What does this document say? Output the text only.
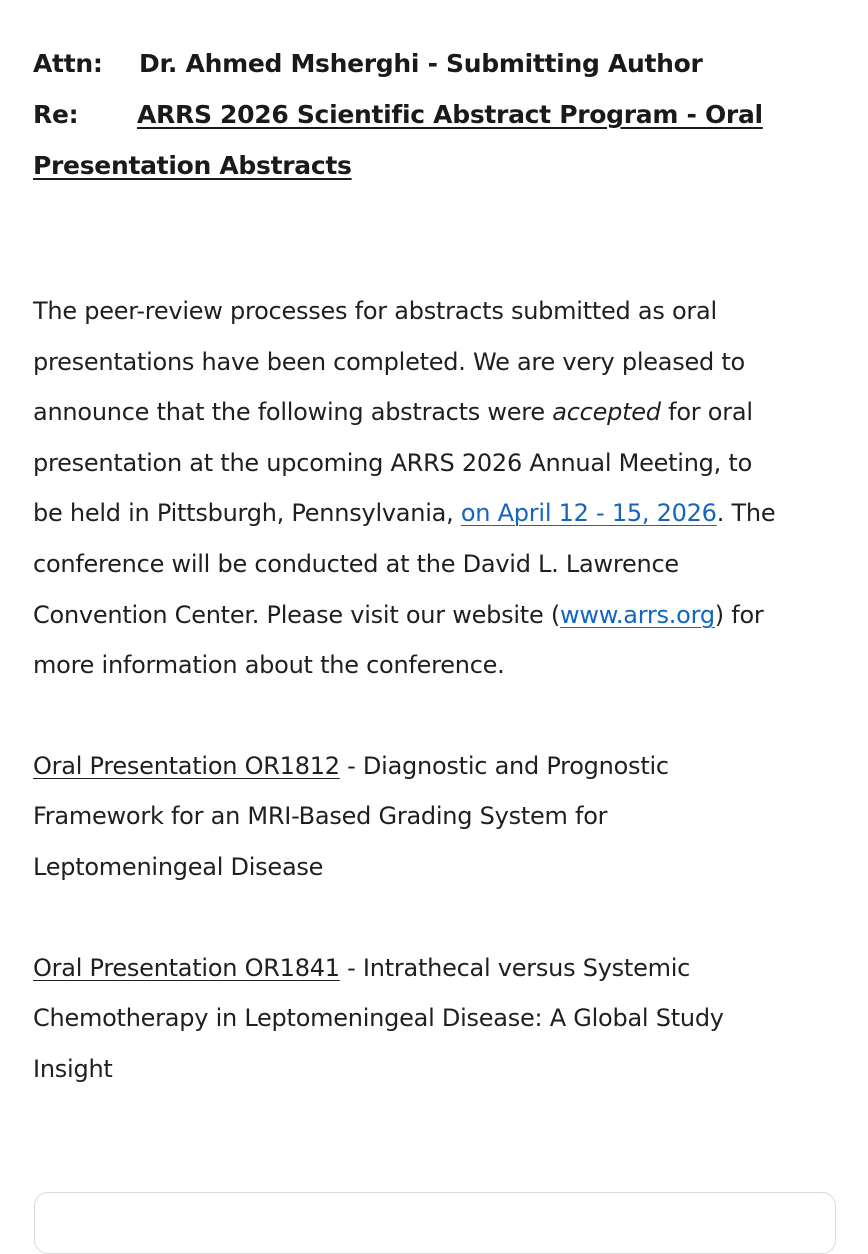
Attn: Dr. Ahmed Msherghi - Submitting Author
Re: ARRS 2026 Scientific Abstract Program - Oral
Presentation Abstracts

The peer-review processes for abstracts submitted as oral

presentations have been completed. We are very pleased to

announce that the following abstracts were accepted for oral

presentation at the upcoming ARRS 2026 Annual Meeting, to

be held in Pittsburgh, Pennsylvania, on April 12 - 15, 2026. The

conference will be conducted at the David L. Lawrence

Convention Center. Please visit our website (www.arrs.org) for

more information about the conference.

Oral Presentation OR1812 - Diagnostic and Prognostic

Framework for an MRI-Based Grading System for

Leptomeningeal Disease

Oral Presentation OR1841 - Intrathecal versus Systemic

Chemotherapy in Leptomeningeal Disease: A Global Study

Insight
